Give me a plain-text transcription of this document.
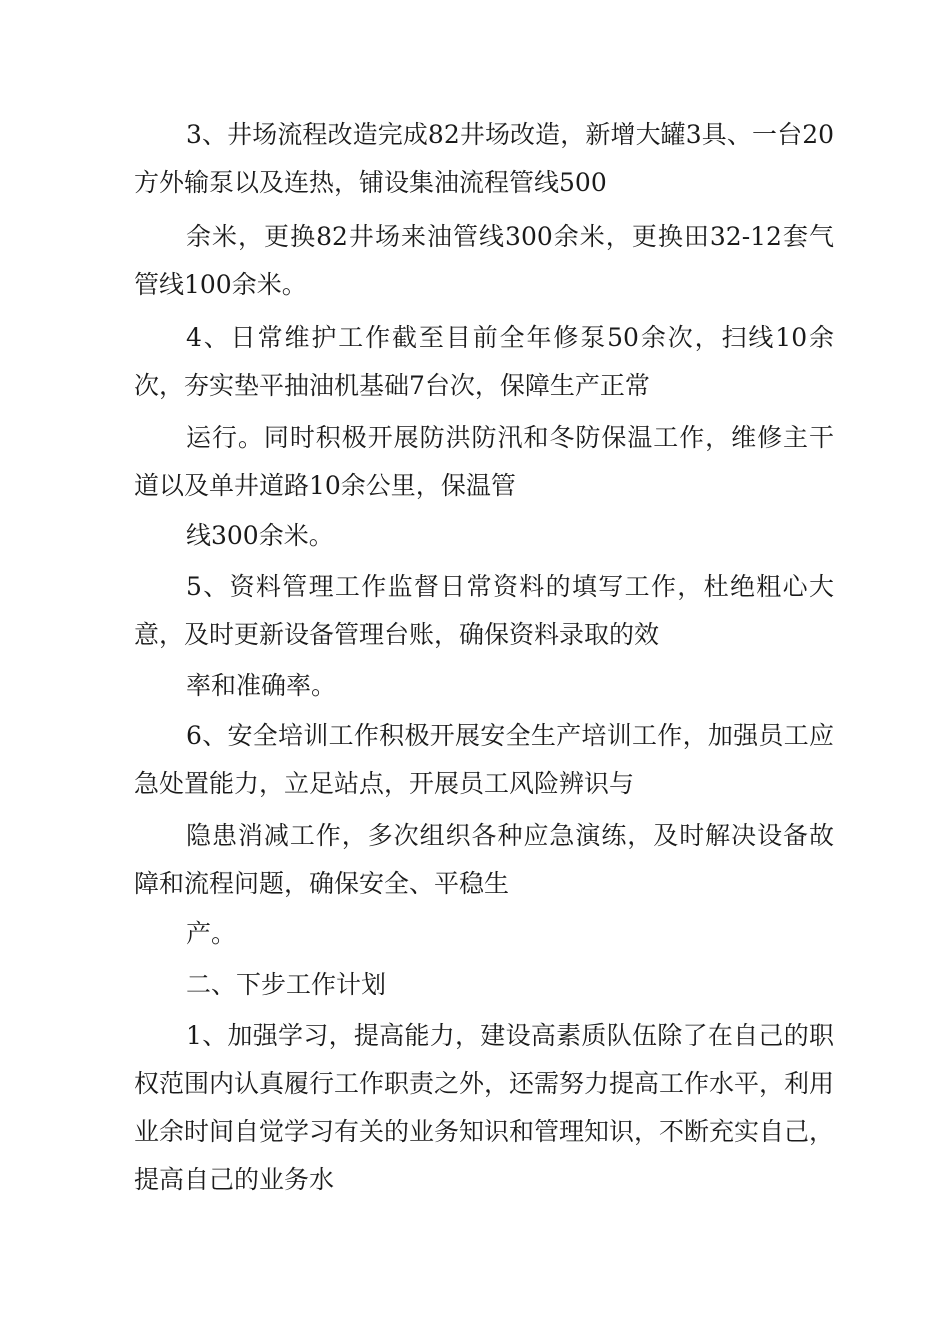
3、井场流程改造完成82井场改造，新增大罐3具、一台20方外输泵以及连热，铺设集油流程管线500

余米，更换82井场来油管线300余米，更换田32-12套气管线100余米。

4、日常维护工作截至目前全年修泵50余次，扫线10余次，夯实垫平抽油机基础7台次，保障生产正常

运行。同时积极开展防洪防汛和冬防保温工作，维修主干道以及单井道路10余公里，保温管

线300余米。

5、资料管理工作监督日常资料的填写工作，杜绝粗心大意，及时更新设备管理台账，确保资料录取的效

率和准确率。

6、安全培训工作积极开展安全生产培训工作，加强员工应急处置能力，立足站点，开展员工风险辨识与

隐患消减工作，多次组织各种应急演练，及时解决设备故障和流程问题，确保安全、平稳生

产。

二、下步工作计划

1、加强学习，提高能力，建设高素质队伍除了在自己的职权范围内认真履行工作职责之外，还需努力提高工作水平，利用业余时间自觉学习有关的业务知识和管理知识，不断充实自己，提高自己的业务水
